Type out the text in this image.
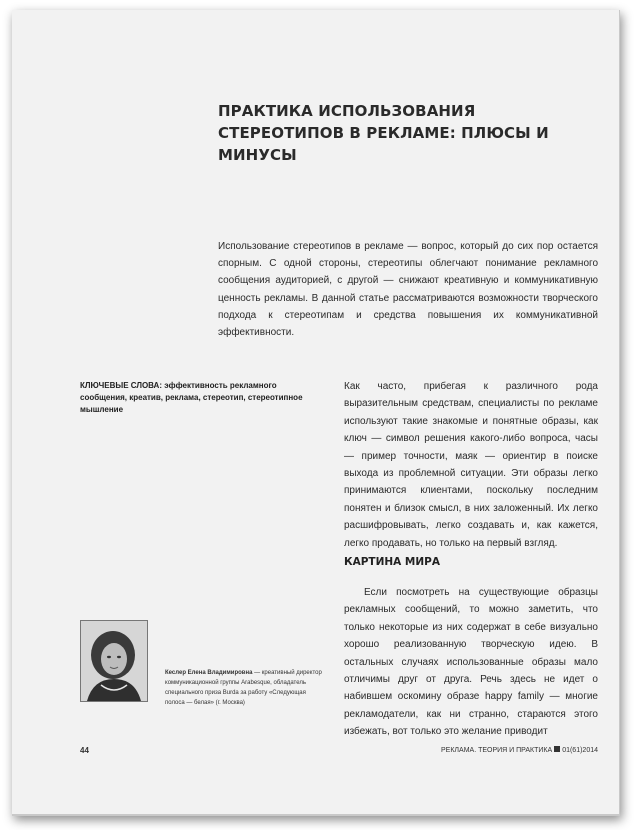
ПРАКТИКА ИСПОЛЬЗОВАНИЯ СТЕРЕОТИПОВ В РЕКЛАМЕ: ПЛЮСЫ И МИНУСЫ
Использование стереотипов в рекламе — вопрос, который до сих пор остается спорным. С одной стороны, стереотипы облегчают понимание рекламного сообщения аудиторией, с другой — снижают креативную и коммуникативную ценность рекламы. В данной статье рассматриваются возможности творческого подхода к стереотипам и средства повышения их коммуникативной эффективности.
КЛЮЧЕВЫЕ СЛОВА: эффективность рекламного сообщения, креатив, реклама, стереотип, стереотипное мышление
Как часто, прибегая к различного рода выразительным средствам, специалисты по рекламе используют такие знакомые и понятные образы, как ключ — символ решения какого-либо вопроса, часы — пример точности, маяк — ориентир в поиске выхода из проблемной ситуации. Эти образы легко принимаются клиентами, поскольку последним понятен и близок смысл, в них заложенный. Их легко расшифровывать, легко создавать и, как кажется, легко продавать, но только на первый взгляд.
КАРТИНА МИРА
Если посмотреть на существующие образцы рекламных сообщений, то можно заметить, что только некоторые из них содержат в себе визуально хорошо реализованную творческую идею. В остальных случаях использованные образы мало отличимы друг от друга. Речь здесь не идет о набившем оскомину образе happy family — многие рекламодатели, как ни странно, стараются этого избежать, вот только это желание приводит
Кеслер Елена Владимировна — креативный директор коммуникационной группы Arabesque, обладатель специального приза Burda за работу «Следующая полоса — белая» (г. Москва)
44	РЕКЛАМА. ТЕОРИЯ И ПРАКТИКА 01(61)2014
